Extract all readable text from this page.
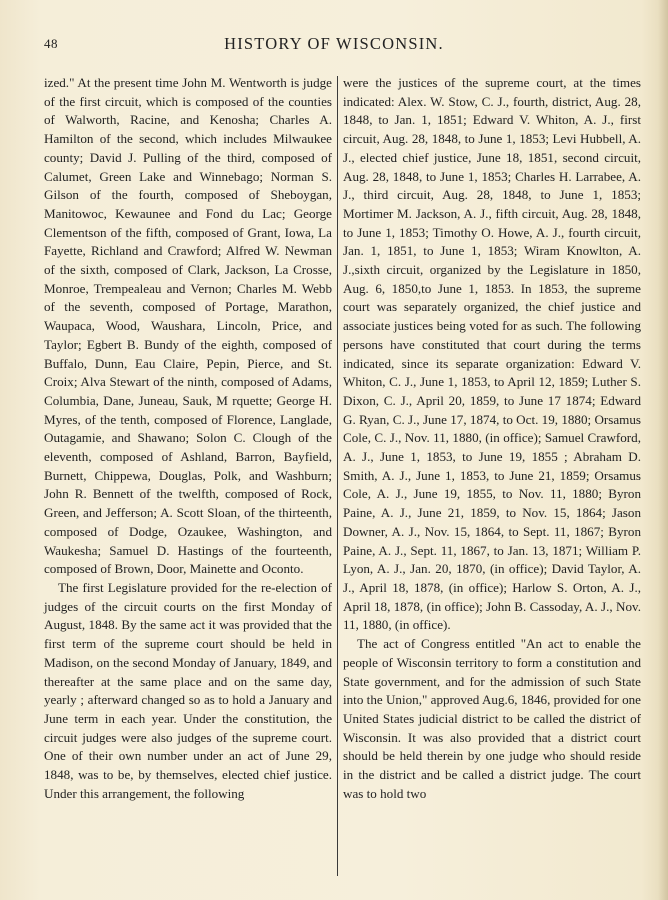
48	HISTORY OF WISCONSIN.

ized." At the present time John M. Wentworth is judge of the first circuit, which is composed of the counties of Walworth, Racine, and Kenosha; Charles A. Hamilton of the second, which includes Milwaukee county; David J. Pulling of the third, composed of Calumet, Green Lake and Winnebago; Norman S. Gilson of the fourth, composed of Sheboygan, Manitowoc, Kewaunee and Fond du Lac; George Clementson of the fifth, composed of Grant, Iowa, La Fayette, Richland and Crawford; Alfred W. Newman of the sixth, composed of Clark, Jackson, La Crosse, Monroe, Trempealeau and Vernon; Charles M. Webb of the seventh, composed of Portage, Marathon, Waupaca, Wood, Waushara, Lincoln, Price, and Taylor; Egbert B. Bundy of the eighth, composed of Buffalo, Dunn, Eau Claire, Pepin, Pierce, and St. Croix; Alva Stewart of the ninth, composed of Adams, Columbia, Dane, Juneau, Sauk, M rquette; George H. Myres, of the tenth, composed of Florence, Langlade, Outagamie, and Shawano; Solon C. Clough of the eleventh, composed of Ashland, Barron, Bayfield, Burnett, Chippewa, Douglas, Polk, and Washburn; John R. Bennett of the twelfth, composed of Rock, Green, and Jefferson; A. Scott Sloan, of the thirteenth, composed of Dodge, Ozaukee, Washington, and Waukesha; Samuel D. Hastings of the fourteenth, composed of Brown, Door, Mainette and Oconto.

The first Legislature provided for the re-election of judges of the circuit courts on the first Monday of August, 1848. By the same act it was provided that the first term of the supreme court should be held in Madison, on the second Monday of January, 1849, and thereafter at the same place and on the same day, yearly ; afterward changed so as to hold a January and June term in each year. Under the constitution, the circuit judges were also judges of the supreme court. One of their own number under an act of June 29, 1848, was to be, by themselves, elected chief justice. Under this arrangement, the following

were the justices of the supreme court, at the times indicated: Alex. W. Stow, C. J., fourth, district, Aug. 28, 1848, to Jan. 1, 1851; Edward V. Whiton, A. J., first circuit, Aug. 28, 1848, to June 1, 1853; Levi Hubbell, A. J., elected chief justice, June 18, 1851, second circuit, Aug. 28, 1848, to June 1, 1853; Charles H. Larrabee, A. J., third circuit, Aug. 28, 1848, to June 1, 1853; Mortimer M. Jackson, A. J., fifth circuit, Aug. 28, 1848, to June 1, 1853; Timothy O. Howe, A. J., fourth circuit, Jan. 1, 1851, to June 1, 1853; Wiram Knowlton, A. J.,sixth circuit, organized by the Legislature in 1850, Aug. 6, 1850,to June 1, 1853. In 1853, the supreme court was separately organized, the chief justice and associate justices being voted for as such. The following persons have constituted that court during the terms indicated, since its separate organization: Edward V. Whiton, C. J., June 1, 1853, to April 12, 1859; Luther S. Dixon, C. J., April 20, 1859, to June 17 1874; Edward G. Ryan, C. J., June 17, 1874, to Oct. 19, 1880; Orsamus Cole, C. J., Nov. 11, 1880, (in office); Samuel Crawford, A. J., June 1, 1853, to June 19, 1855 ; Abraham D. Smith, A. J., June 1, 1853, to June 21, 1859; Orsamus Cole, A. J., June 19, 1855, to Nov. 11, 1880; Byron Paine, A. J., June 21, 1859, to Nov. 15, 1864; Jason Downer, A. J., Nov. 15, 1864, to Sept. 11, 1867; Byron Paine, A. J., Sept. 11, 1867, to Jan. 13, 1871; William P. Lyon, A. J., Jan. 20, 1870, (in office); David Taylor, A. J., April 18, 1878, (in office); Harlow S. Orton, A. J., April 18, 1878, (in office); John B. Cassoday, A. J., Nov. 11, 1880, (in office).

The act of Congress entitled "An act to enable the people of Wisconsin territory to form a constitution and State government, and for the admission of such State into the Union," approved Aug.6, 1846, provided for one United States judicial district to be called the district of Wisconsin. It was also provided that a district court should be held therein by one judge who should reside in the district and be called a district judge. The court was to hold two
